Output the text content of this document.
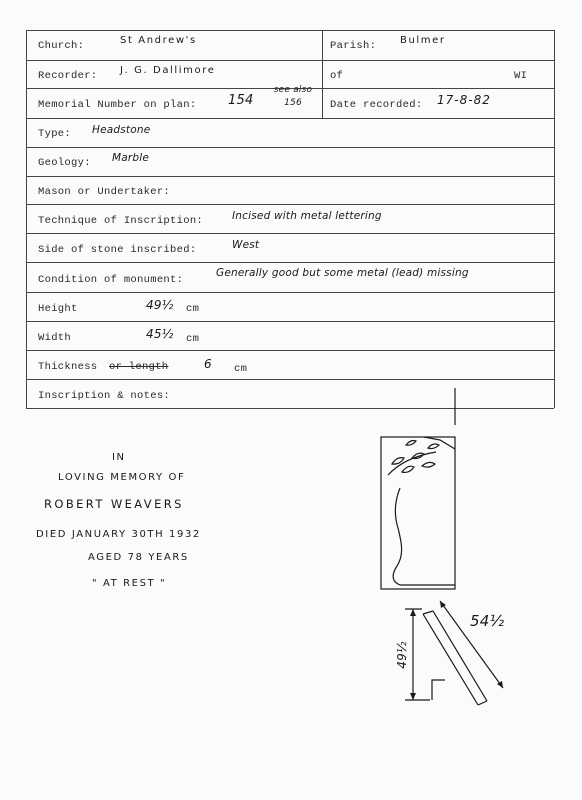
Church:	St Andrew's	Parish: Bulmer
Recorder: J. G. Dallimore	of	WI
Memorial Number on plan: 154
see also 156	Date recorded: 17-8-82
Type: Headstone
Geology: Marble
Mason or Undertaker:
Technique of Inscription:	Incised with metal lettering
Side of stone inscribed:	West
Condition of monument:
Generally good but some metal (lead) missing
Height	49½ cm
Width	45½ cm
Thickness or length	6 cm
Inscription & notes:
IN
LOVING MEMORY OF
ROBERT WEAVERS
DIED JANUARY 30TH 1932
AGED 78 YEARS
" AT REST "
49½
54½
